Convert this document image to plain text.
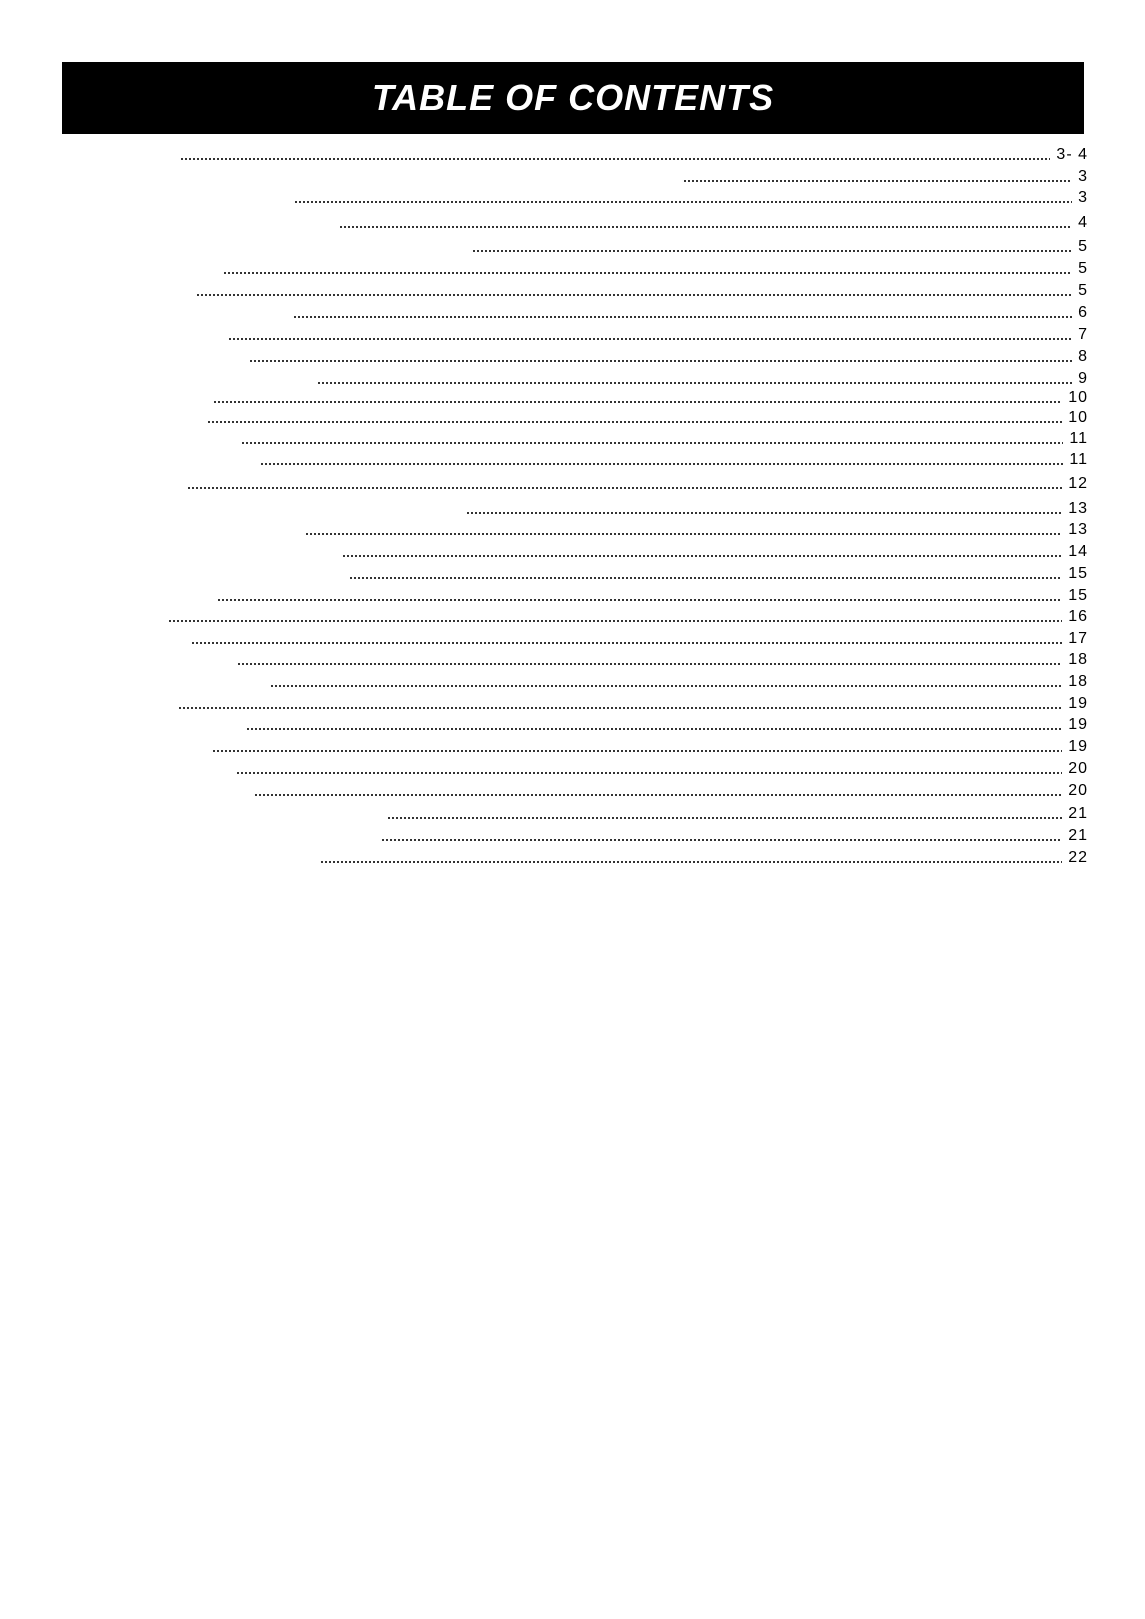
TABLE OF CONTENTS
3- 4
3
3
4
5
5
5
6
7
8
9
10
10
11
11
12
13
13
14
15
15
16
17
18
18
19
19
19
20
20
21
21
22
